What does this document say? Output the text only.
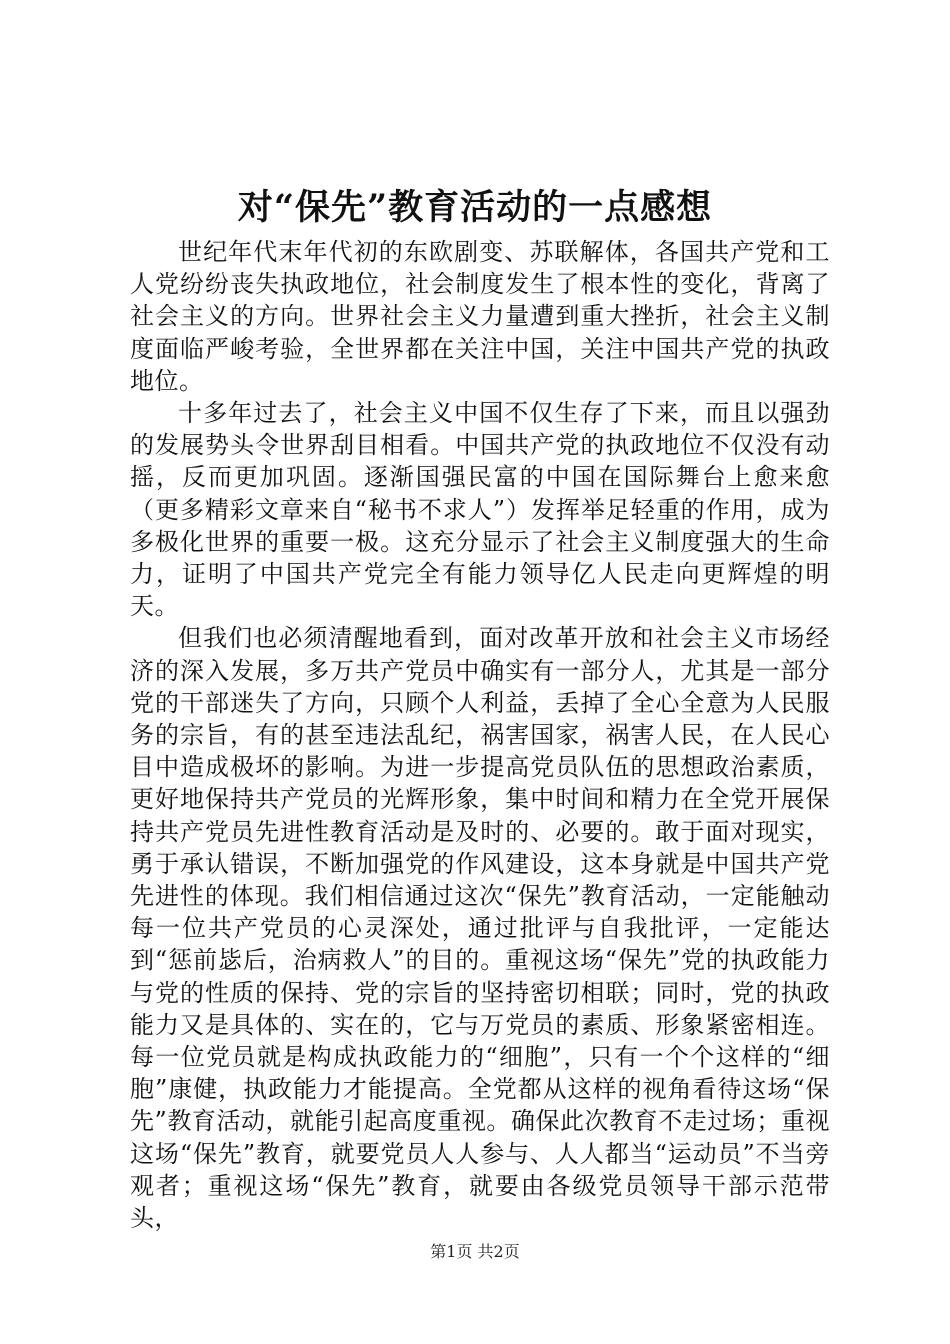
对“保先”教育活动的一点感想

世纪年代末年代初的东欧剧变、苏联解体，各国共产党和工人党纷纷丧失执政地位，社会制度发生了根本性的变化，背离了社会主义的方向。世界社会主义力量遭到重大挫折，社会主义制度面临严峻考验，全世界都在关注中国，关注中国共产党的执政地位。

十多年过去了，社会主义中国不仅生存了下来，而且以强劲的发展势头令世界刮目相看。中国共产党的执政地位不仅没有动摇，反而更加巩固。逐渐国强民富的中国在国际舞台上愈来愈（更多精彩文章来自“秘书不求人”）发挥举足轻重的作用，成为多极化世界的重要一极。这充分显示了社会主义制度强大的生命力，证明了中国共产党完全有能力领导亿人民走向更辉煌的明天。

但我们也必须清醒地看到，面对改革开放和社会主义市场经济的深入发展，多万共产党员中确实有一部分人，尤其是一部分党的干部迷失了方向，只顾个人利益，丢掉了全心全意为人民服务的宗旨，有的甚至违法乱纪，祸害国家，祸害人民，在人民心目中造成极坏的影响。为进一步提高党员队伍的思想政治素质，更好地保持共产党员的光辉形象，集中时间和精力在全党开展保持共产党员先进性教育活动是及时的、必要的。敢于面对现实，勇于承认错误，不断加强党的作风建设，这本身就是中国共产党先进性的体现。我们相信通过这次“保先”教育活动，一定能触动每一位共产党员的心灵深处，通过批评与自我批评，一定能达到“惩前毖后，治病救人”的目的。重视这场“保先”党的执政能力与党的性质的保持、党的宗旨的坚持密切相联；同时，党的执政能力又是具体的、实在的，它与万党员的素质、形象紧密相连。每一位党员就是构成执政能力的“细胞”，只有一个个这样的“细胞”康健，执政能力才能提高。全党都从这样的视角看待这场“保先”教育活动，就能引起高度重视。确保此次教育不走过场；重视这场“保先”教育，就要党员人人参与、人人都当“运动员”不当旁观者；重视这场“保先”教育，就要由各级党员领导干部示范带头，

第1页 共2页
